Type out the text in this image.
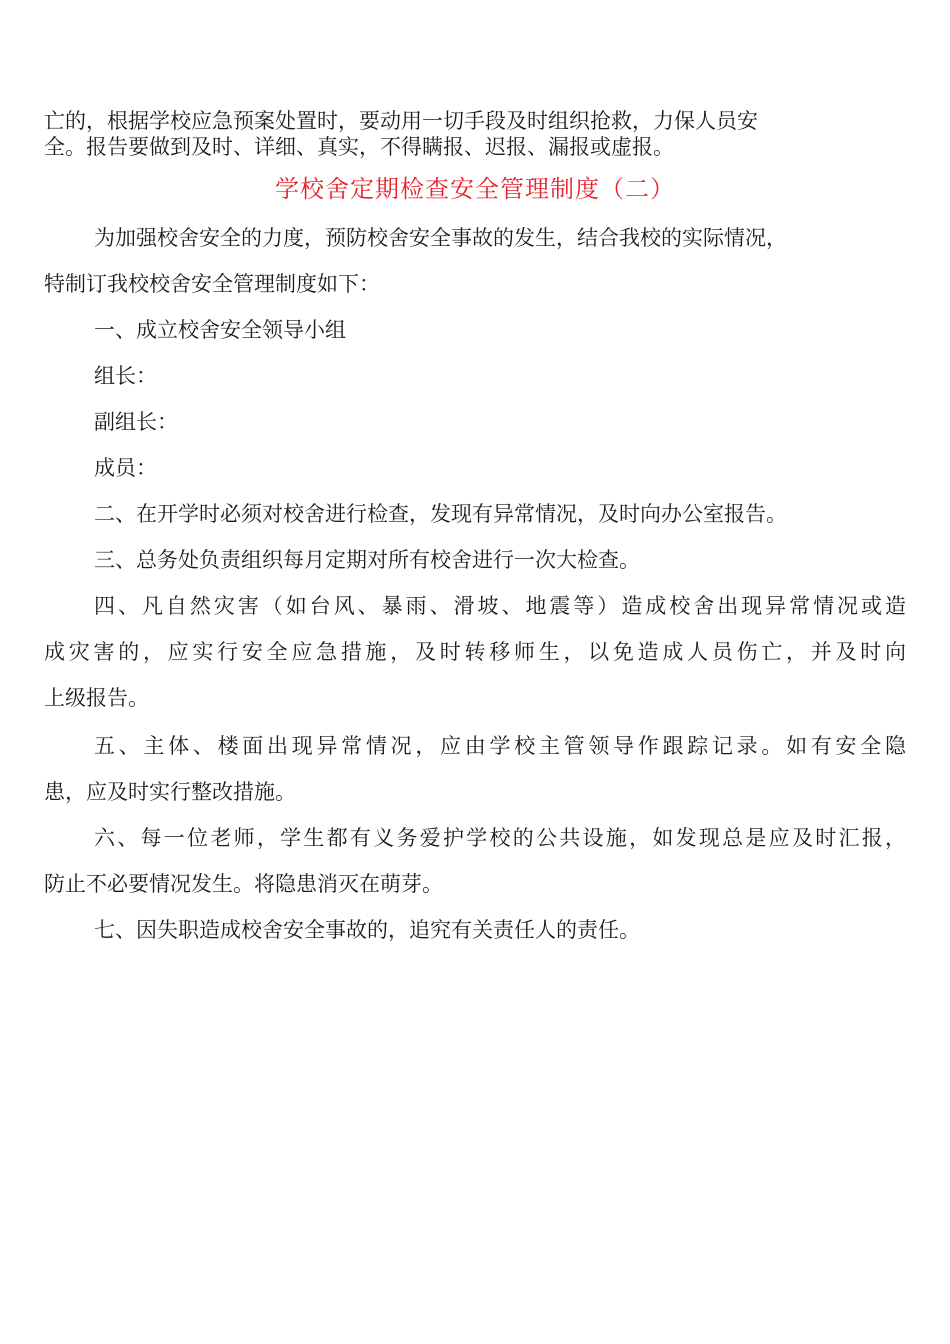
亡的，根据学校应急预案处置时，要动用一切手段及时组织抢救，力保人员安
全。报告要做到及时、详细、真实，不得瞒报、迟报、漏报或虚报。
学校舍定期检查安全管理制度（二）
为加强校舍安全的力度，预防校舍安全事故的发生，结合我校的实际情况，
特制订我校校舍安全管理制度如下：
一、成立校舍安全领导小组
组长：
副组长：
成员：
二、在开学时必须对校舍进行检查，发现有异常情况，及时向办公室报告。
三、总务处负责组织每月定期对所有校舍进行一次大检查。
四、凡自然灾害（如台风、暴雨、滑坡、地震等）造成校舍出现异常情况或造
成灾害的，应实行安全应急措施，及时转移师生，以免造成人员伤亡，并及时向
上级报告。
五、主体、楼面出现异常情况，应由学校主管领导作跟踪记录。如有安全隐
患，应及时实行整改措施。
六、每一位老师，学生都有义务爱护学校的公共设施，如发现总是应及时汇报，
防止不必要情况发生。将隐患消灭在萌芽。
七、因失职造成校舍安全事故的，追究有关责任人的责任。
